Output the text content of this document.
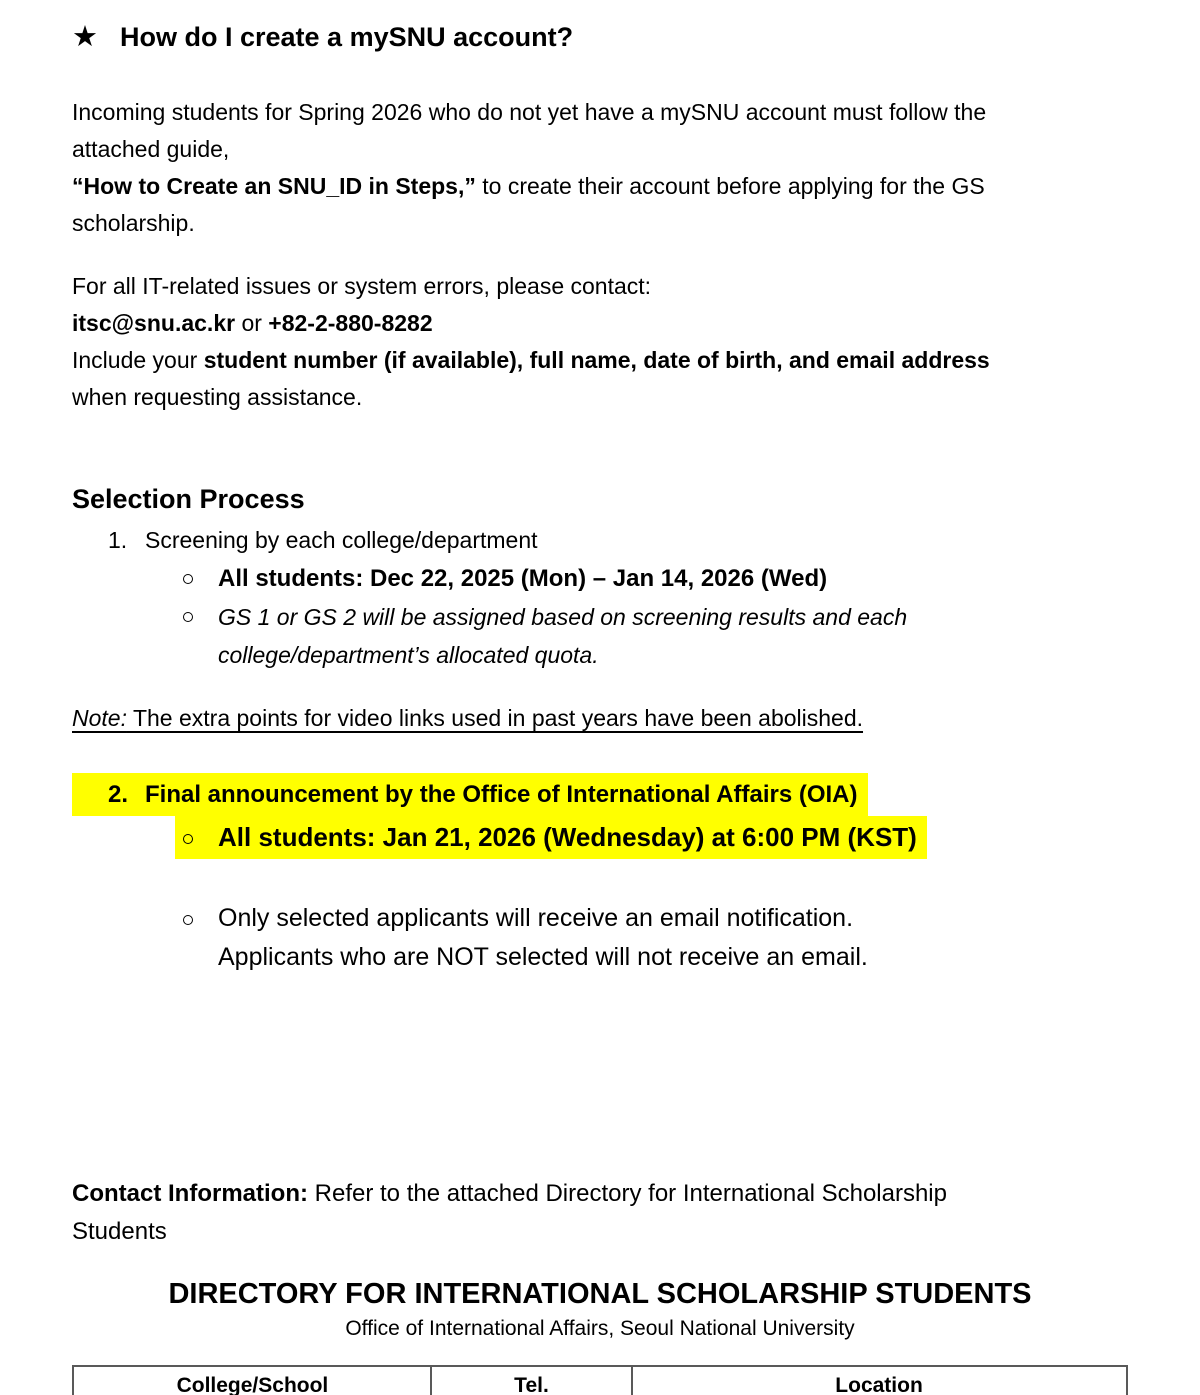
★ How do I create a mySNU account?

Incoming students for Spring 2026 who do not yet have a mySNU account must follow the
attached guide,
“How to Create an SNU_ID in Steps,” to create their account before applying for the GS
scholarship.

For all IT-related issues or system errors, please contact:
itsc@snu.ac.kr or +82-2-880-8282
Include your student number (if available), full name, date of birth, and email address
when requesting assistance.

Selection Process
1. Screening by each college/department
All students: Dec 22, 2025 (Mon) – Jan 14, 2026 (Wed)
GS 1 or GS 2 will be assigned based on screening results and each
college/department’s allocated quota.

Note: The extra points for video links used in past years have been abolished.

2. Final announcement by the Office of International Affairs (OIA)
All students: Jan 21, 2026 (Wednesday) at 6:00 PM (KST)
Only selected applicants will receive an email notification.
Applicants who are NOT selected will not receive an email.

Contact Information: Refer to the attached Directory for International Scholarship
Students

DIRECTORY FOR INTERNATIONAL SCHOLARSHIP STUDENTS
Office of International Affairs, Seoul National University
College/School	Tel.	Location
